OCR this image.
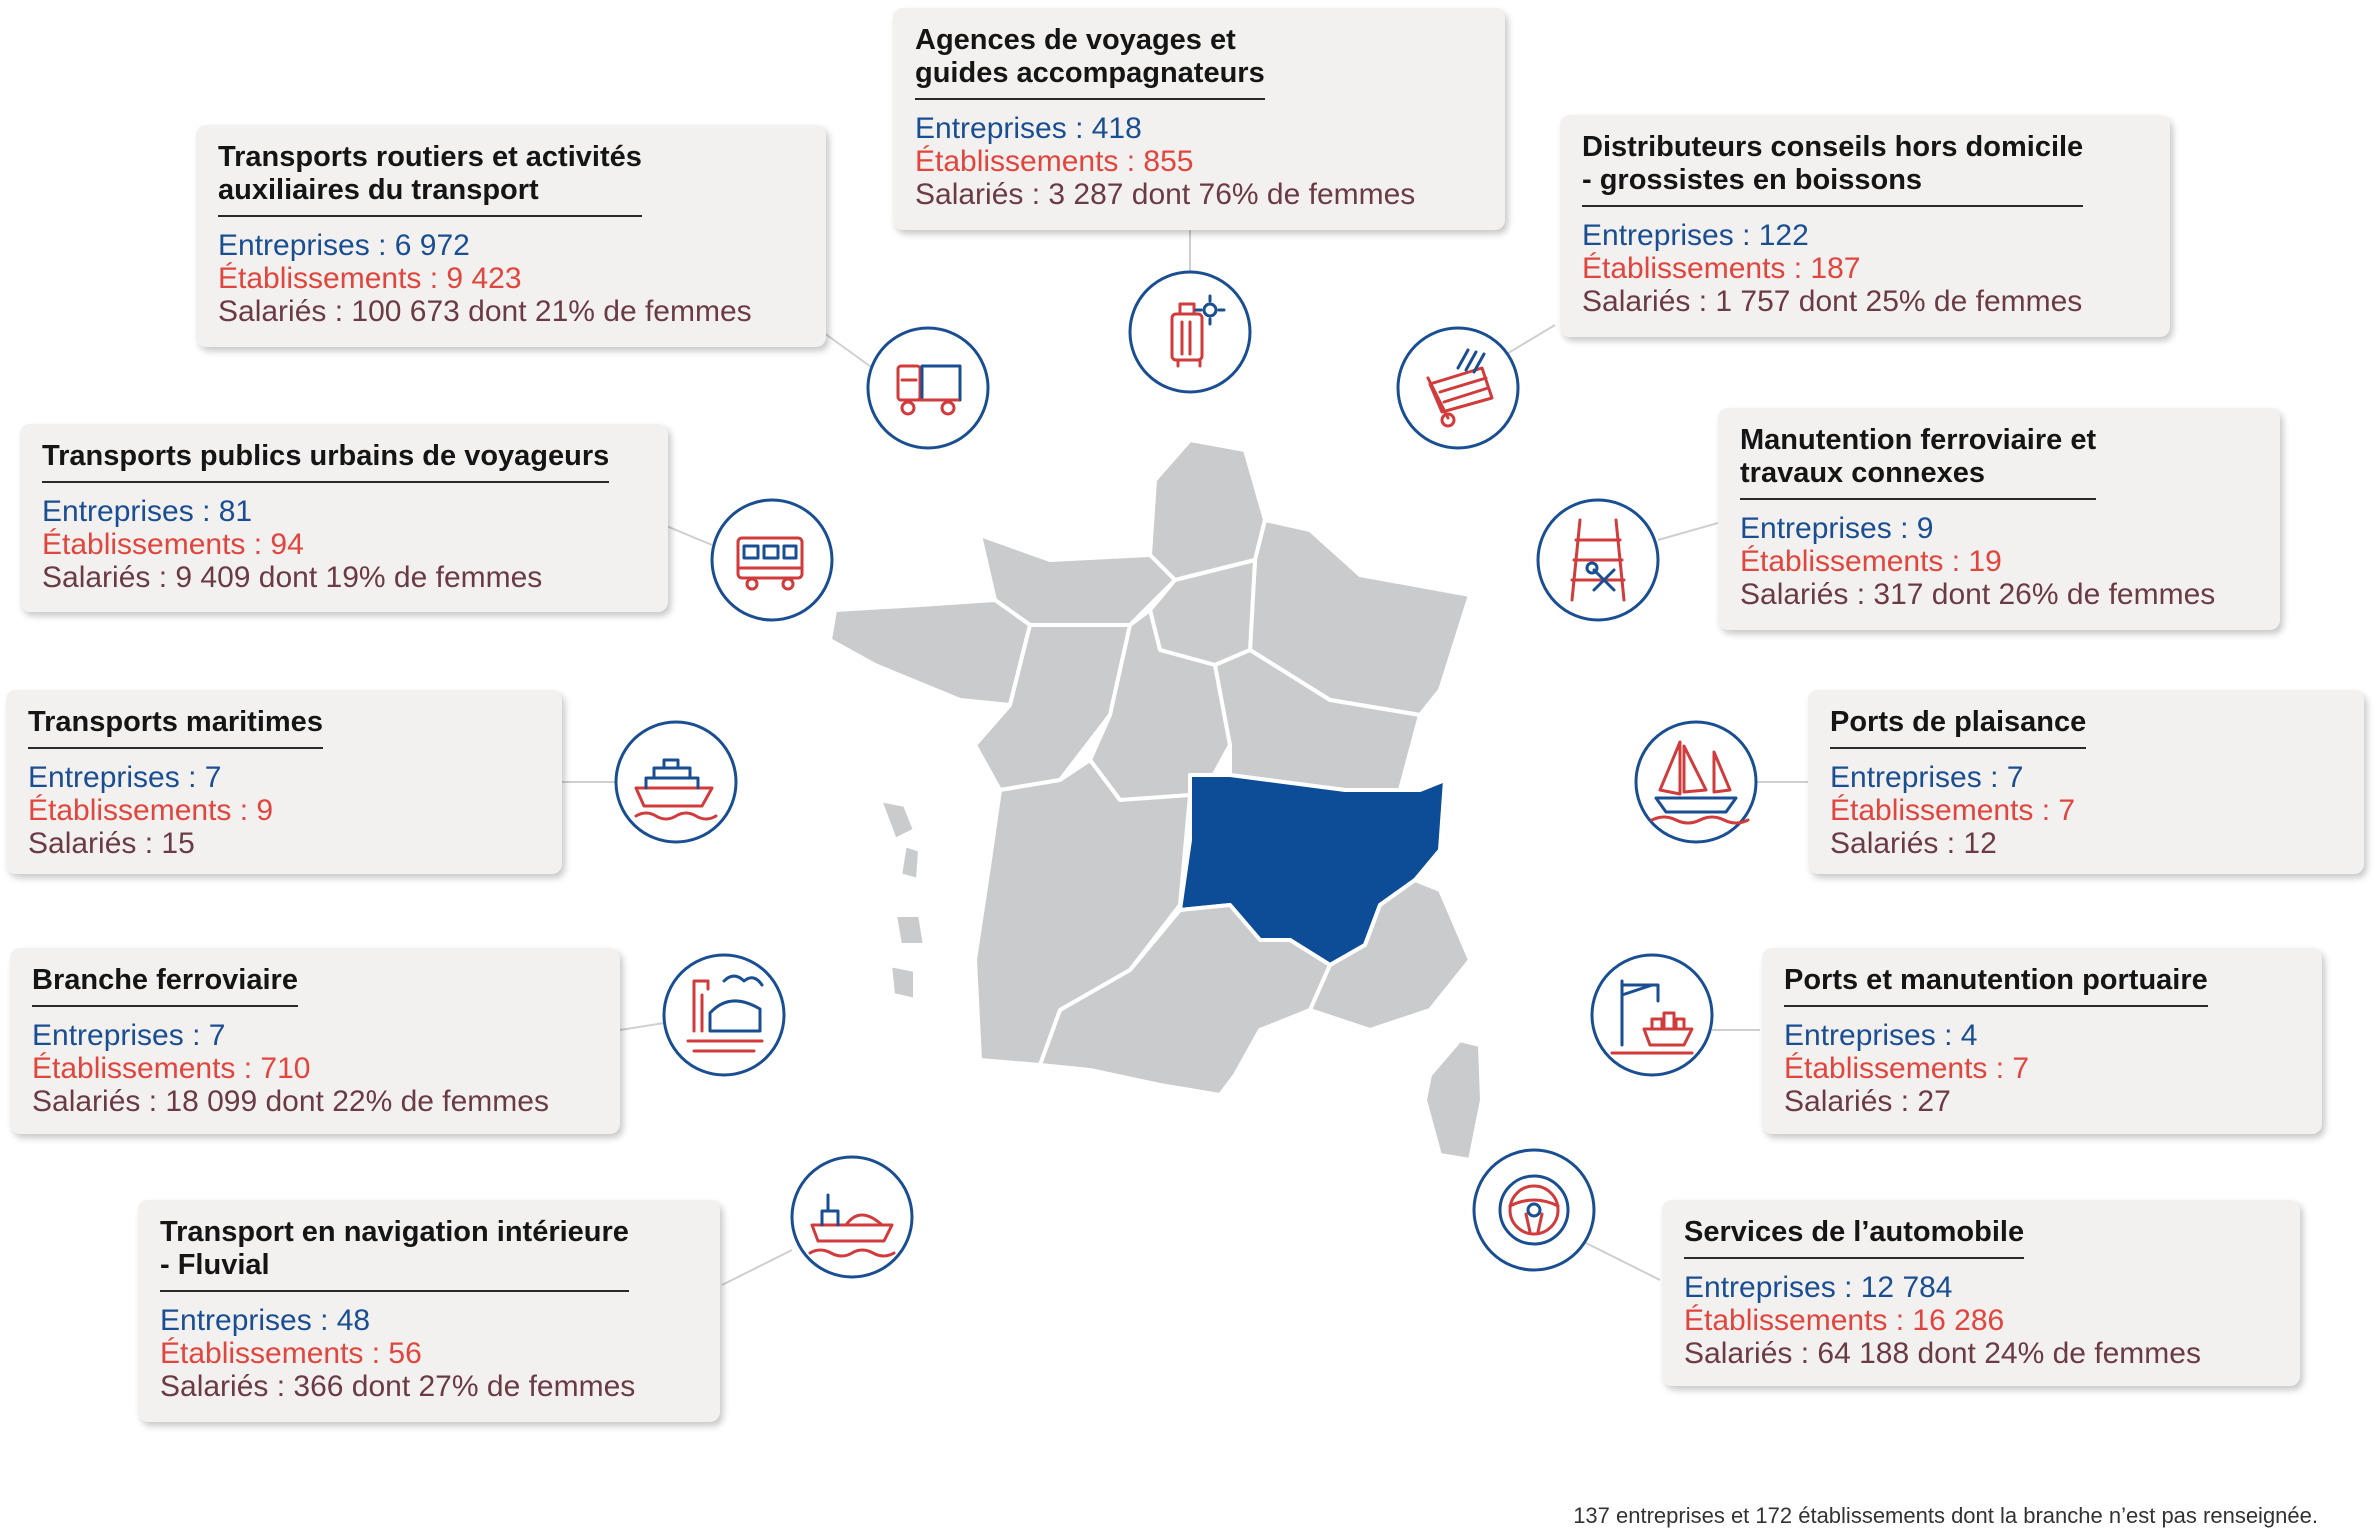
Agences de voyages et
guides accompagnateurs
Entreprises : 418
Établissements : 855
Salariés : 3 287 dont 76% de femmes
Transports routiers et activités
auxiliaires du transport
Entreprises : 6 972
Établissements : 9 423
Salariés : 100 673 dont 21% de femmes
Distributeurs conseils hors domicile
- grossistes en boissons
Entreprises : 122
Établissements : 187
Salariés : 1 757 dont 25% de femmes
Transports publics urbains de voyageurs
Entreprises : 81
Établissements : 94
Salariés : 9 409 dont 19% de femmes
Manutention ferroviaire et
travaux connexes
Entreprises : 9
Établissements : 19
Salariés : 317 dont 26% de femmes
Transports maritimes
Entreprises : 7
Établissements : 9
Salariés : 15
Ports de plaisance
Entreprises : 7
Établissements : 7
Salariés : 12
Branche ferroviaire
Entreprises : 7
Établissements : 710
Salariés : 18 099 dont 22% de femmes
Ports et manutention portuaire
Entreprises : 4
Établissements : 7
Salariés : 27
Transport en navigation intérieure
- Fluvial
Entreprises : 48
Établissements : 56
Salariés : 366 dont 27% de femmes
Services de l’automobile
Entreprises : 12 784
Établissements : 16 286
Salariés : 64 188 dont 24% de femmes
137 entreprises et 172 établissements dont la branche n’est pas renseignée.
